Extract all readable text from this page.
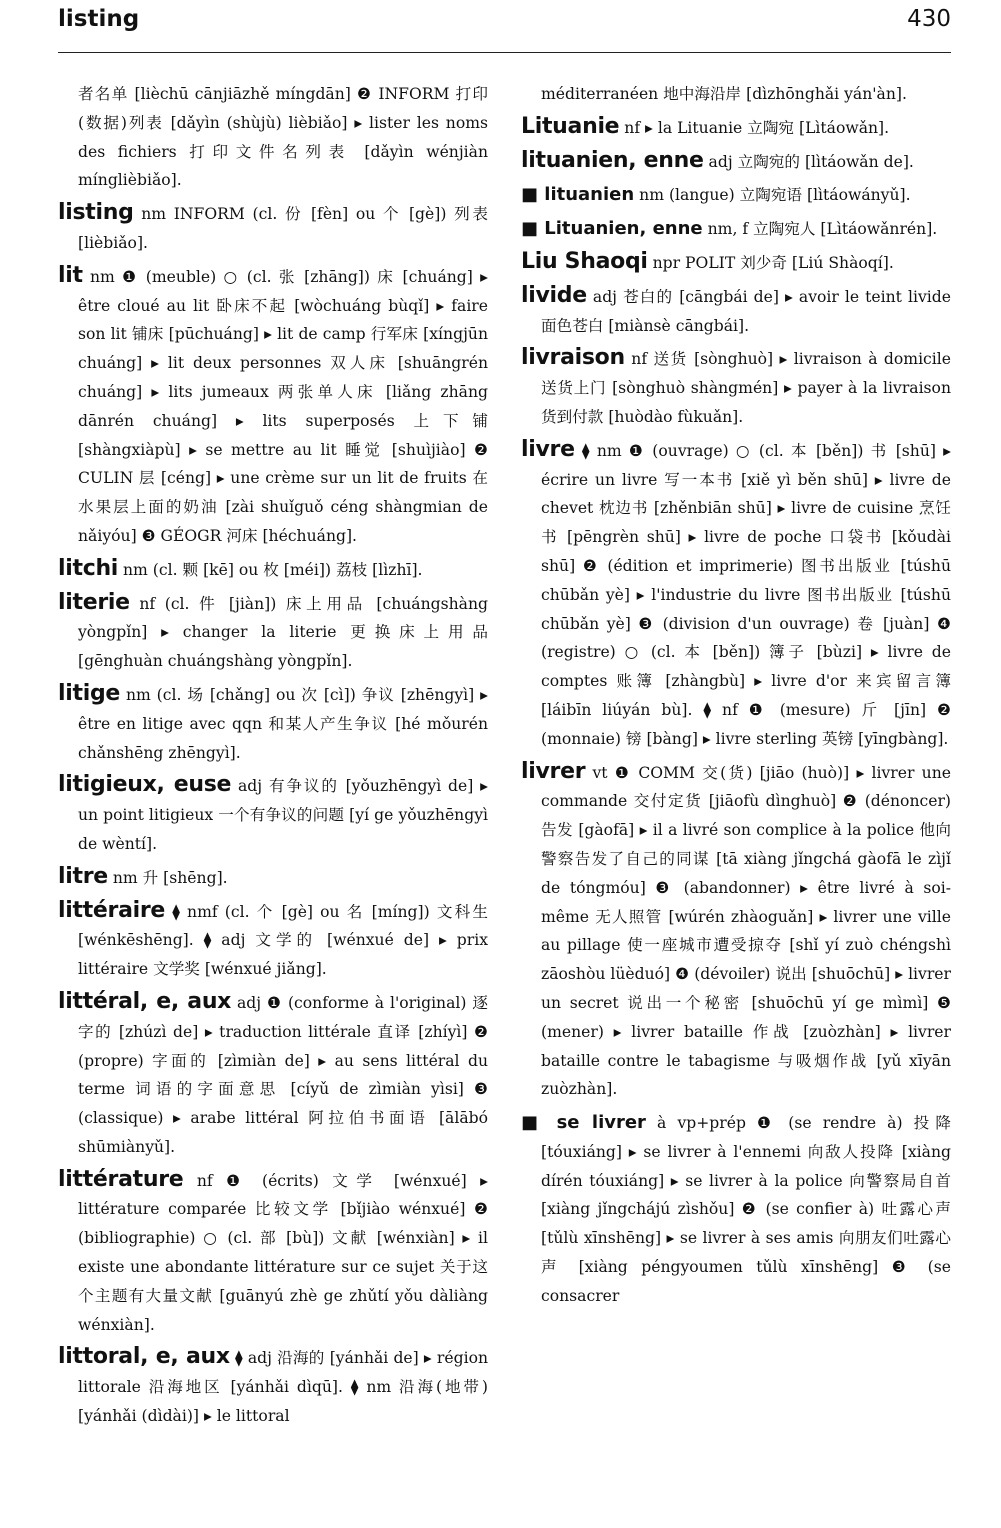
listing	430
者名单 [lièchū cānjiāzhě míngdān] ❷ INFORM 打印(数据)列表 [dǎyìn (shùjù) lièbiǎo] ▸ lister les noms des fichiers 打印文件名列表 [dǎyìn wénjiàn mínglièbiǎo].
listing nm INFORM (cl. 份 [fèn] ou 个 [gè]) 列表 [lièbiǎo].
lit nm ❶ (meuble) ○ (cl. 张 [zhāng]) 床 [chuáng] ▸ être cloué au lit 卧床不起 [wòchuáng bùqǐ] ▸ faire son lit 铺床 [pūchuáng] ▸ lit de camp 行军床 [xíngjūn chuáng] ▸ lit deux personnes 双人床 [shuāngrén chuáng] ▸ lits jumeaux 两张单人床 [liǎng zhāng dānrén chuáng] ▸ lits superposés 上下铺 [shàngxiàpù] ▸ se mettre au lit 睡觉 [shuìjiào] ❷ CULIN 层 [céng] ▸ une crème sur un lit de fruits 在水果层上面的奶油 [zài shuǐguǒ céng shàngmian de nǎiyóu] ❸ GÉOGR 河床 [héchuáng].
litchi nm (cl. 颗 [kē] ou 枚 [méi]) 荔枝 [lìzhī].
literie nf (cl. 件 [jiàn]) 床上用品 [chuángshàng yòngpǐn] ▸ changer la literie 更换床上用品 [gēnghuàn chuángshàng yòngpǐn].
litige nm (cl. 场 [chǎng] ou 次 [cì]) 争议 [zhēngyì] ▸ être en litige avec qqn 和某人产生争议 [hé mǒurén chǎnshēng zhēngyì].
litigieux, euse adj 有争议的 [yǒuzhēngyì de] ▸ un point litigieux 一个有争议的问题 [yí ge yǒuzhēngyì de wèntí].
litre nm 升 [shēng].
littéraire ⧫ nmf (cl. 个 [gè] ou 名 [míng]) 文科生 [wénkēshēng]. ⧫ adj 文学的 [wénxué de] ▸ prix littéraire 文学奖 [wénxué jiǎng].
littéral, e, aux adj ❶ (conforme à l'original) 逐字的 [zhúzì de] ▸ traduction littérale 直译 [zhíyì] ❷ (propre) 字面的 [zìmiàn de] ▸ au sens littéral du terme 词语的字面意思 [cíyǔ de zìmiàn yìsi] ❸ (classique) ▸ arabe littéral 阿拉伯书面语 [ālābó shūmiànyǔ].
littérature nf ❶ (écrits) 文学 [wénxué] ▸ littérature comparée 比较文学 [bǐjiào wénxué] ❷ (bibliographie) ○ (cl. 部 [bù]) 文献 [wénxiàn] ▸ il existe une abondante littérature sur ce sujet 关于这个主题有大量文献 [guānyú zhè ge zhǔtí yǒu dàliàng wénxiàn].
littoral, e, aux ⧫ adj 沿海的 [yánhǎi de] ▸ région littorale 沿海地区 [yánhǎi dìqū]. ⧫ nm 沿海(地带) [yánhǎi (dìdài)] ▸ le littoral
méditerranéen 地中海沿岸 [dìzhōnghǎi yán'àn].
Lituanie nf ▸ la Lituanie 立陶宛 [Lìtáowǎn].
lituanien, enne adj 立陶宛的 [lìtáowǎn de].
■ lituanien nm (langue) 立陶宛语 [lìtáowányǔ].
■ Lituanien, enne nm, f 立陶宛人 [Lìtáowǎnrén].
Liu Shaoqi npr POLIT 刘少奇 [Liú Shàoqí].
livide adj 苍白的 [cāngbái de] ▸ avoir le teint livide 面色苍白 [miànsè cāngbái].
livraison nf 送货 [sònghuò] ▸ livraison à domicile 送货上门 [sònghuò shàngmén] ▸ payer à la livraison 货到付款 [huòdào fùkuǎn].
livre ⧫ nm ❶ (ouvrage) ○ (cl. 本 [běn]) 书 [shū] ▸ écrire un livre 写一本书 [xiě yì běn shū] ▸ livre de chevet 枕边书 [zhěnbiān shū] ▸ livre de cuisine 烹饪书 [pēngrèn shū] ▸ livre de poche 口袋书 [kǒudài shū] ❷ (édition et imprimerie) 图书出版业 [túshū chūbǎn yè] ▸ l'industrie du livre 图书出版业 [túshū chūbǎn yè] ❸ (division d'un ouvrage) 卷 [juàn] ❹ (registre) ○ (cl. 本 [běn]) 簿子 [bùzi] ▸ livre de comptes 账簿 [zhàngbù] ▸ livre d'or 来宾留言簿 [láibīn liúyán bù]. ⧫ nf ❶ (mesure) 斤 [jīn] ❷ (monnaie) 镑 [bàng] ▸ livre sterling 英镑 [yīngbàng].
livrer vt ❶ COMM 交(货) [jiāo (huò)] ▸ livrer une commande 交付定货 [jiāofù dìnghuò] ❷ (dénoncer) 告发 [gàofā] ▸ il a livré son complice à la police 他向警察告发了自己的同谋 [tā xiàng jǐngchá gàofā le zìjǐ de tóngmóu] ❸ (abandonner) ▸ être livré à soi-même 无人照管 [wúrén zhàoguǎn] ▸ livrer une ville au pillage 使一座城市遭受掠夺 [shǐ yí zuò chéngshì zāoshòu lüèduó] ❹ (dévoiler) 说出 [shuōchū] ▸ livrer un secret 说出一个秘密 [shuōchū yí ge mìmì] ❺ (mener) ▸ livrer bataille 作战 [zuòzhàn] ▸ livrer bataille contre le tabagisme 与吸烟作战 [yǔ xīyān zuòzhàn].
■ se livrer à vp+prép ❶ (se rendre à) 投降 [tóuxiáng] ▸ se livrer à l'ennemi 向敌人投降 [xiàng dírén tóuxiáng] ▸ se livrer à la police 向警察局自首 [xiàng jǐngchájú zìshǒu] ❷ (se confier à) 吐露心声 [tǔlù xīnshēng] ▸ se livrer à ses amis 向朋友们吐露心声 [xiàng péngyoumen tǔlù xīnshēng] ❸ (se consacrer
